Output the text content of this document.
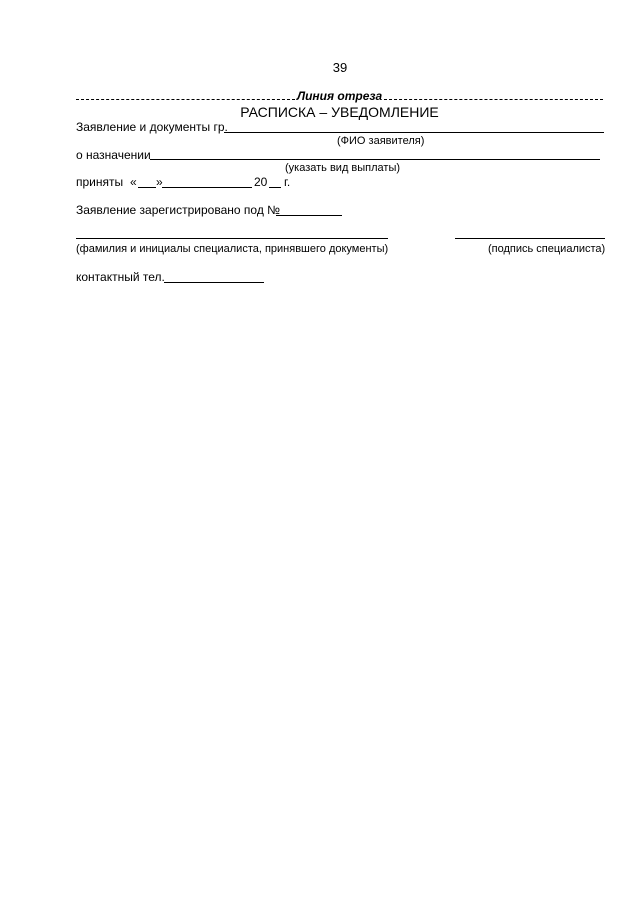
39
Линия отреза
РАСПИСКА – УВЕДОМЛЕНИЕ
Заявление и документы гр.
(ФИО заявителя)
о назначении
(указать вид выплаты)
приняты « »	20 г.
Заявление зарегистрировано под №
(фамилия и инициалы специалиста, принявшего документы)	(подпись специалиста)
контактный тел.
